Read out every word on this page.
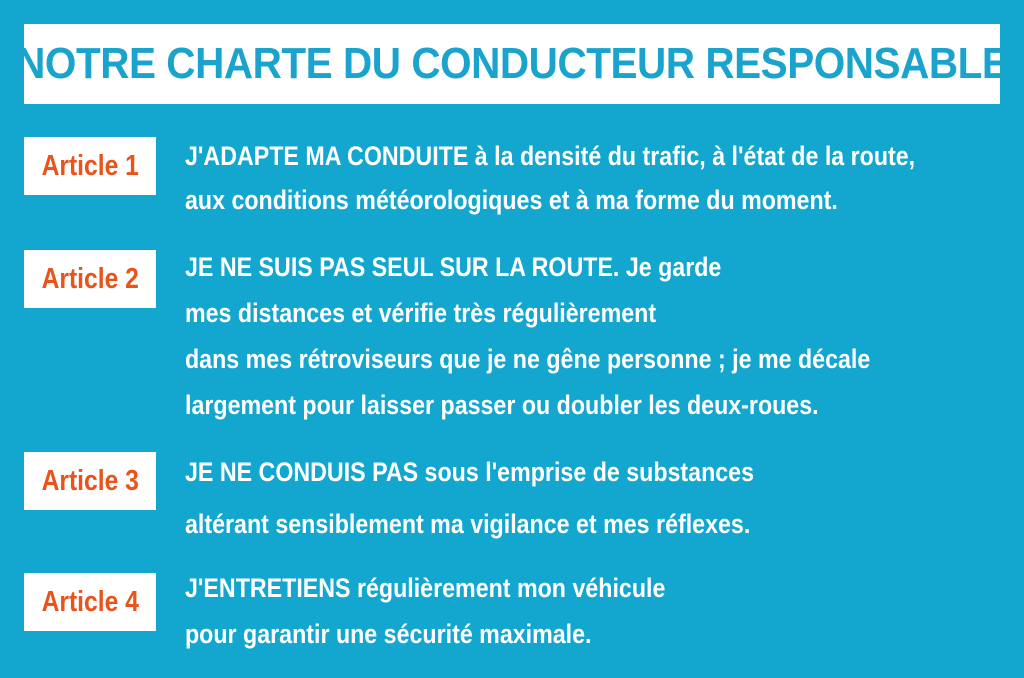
NOTRE CHARTE DU CONDUCTEUR RESPONSABLE
Article 1 J'ADAPTE MA CONDUITE à la densité du trafic, à l'état de la route,
aux conditions météorologiques et à ma forme du moment.
Article 2 JE NE SUIS PAS SEUL SUR LA ROUTE. Je garde
mes distances et vérifie très régulièrement
dans mes rétroviseurs que je ne gêne personne ; je me décale
largement pour laisser passer ou doubler les deux-roues.
Article 3 JE NE CONDUIS PAS sous l'emprise de substances
altérant sensiblement ma vigilance et mes réflexes.
Article 4 J'ENTRETIENS régulièrement mon véhicule
pour garantir une sécurité maximale.
